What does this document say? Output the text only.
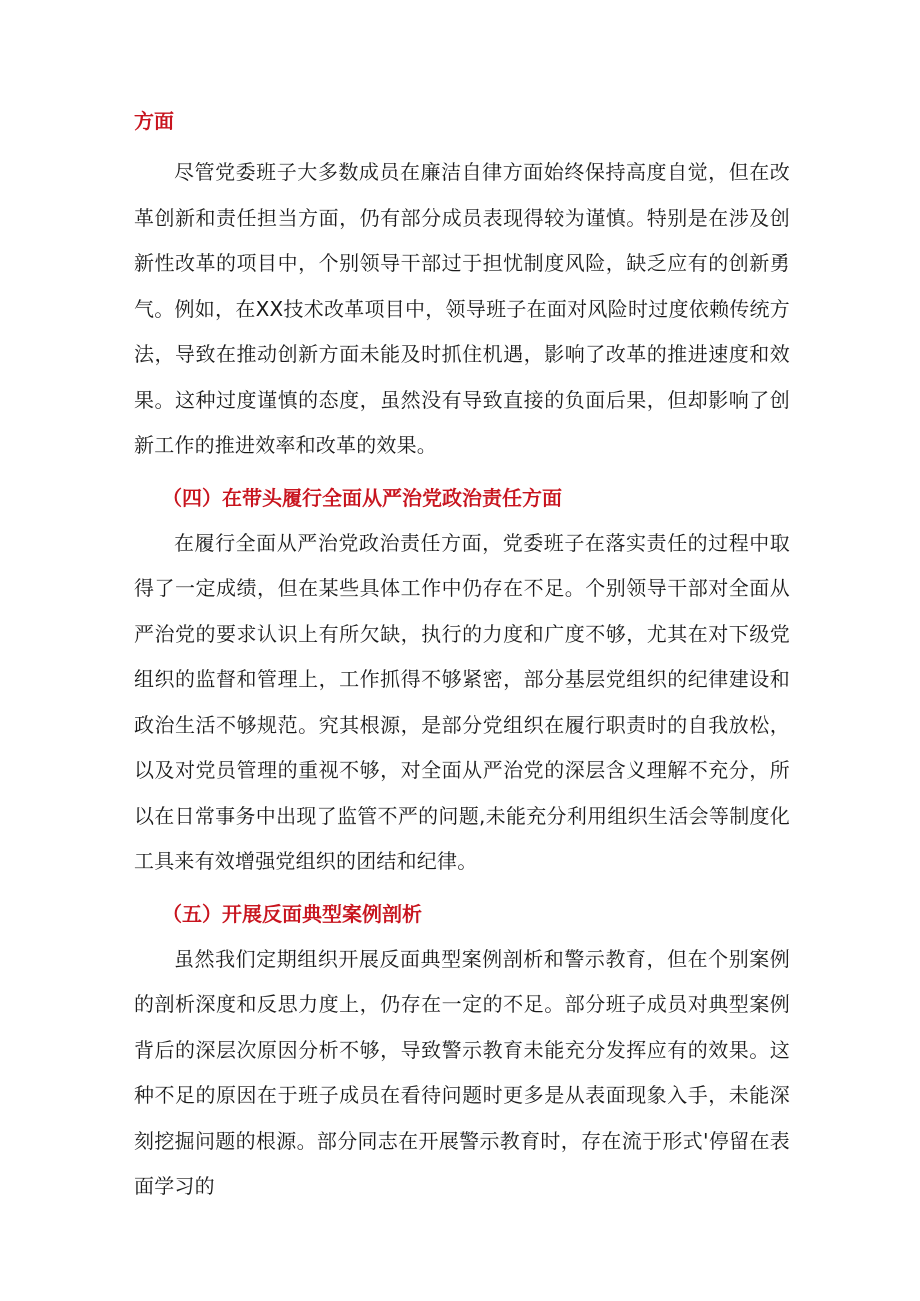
方面

尽管党委班子大多数成员在廉洁自律方面始终保持高度自觉，但在改革创新和责任担当方面，仍有部分成员表现得较为谨慎。特别是在涉及创新性改革的项目中，个别领导干部过于担忧制度风险，缺乏应有的创新勇气。例如，在XX技术改革项目中，领导班子在面对风险时过度依赖传统方法，导致在推动创新方面未能及时抓住机遇，影响了改革的推进速度和效果。这种过度谨慎的态度，虽然没有导致直接的负面后果，但却影响了创新工作的推进效率和改革的效果。

（四）在带头履行全面从严治党政治责任方面

在履行全面从严治党政治责任方面，党委班子在落实责任的过程中取得了一定成绩，但在某些具体工作中仍存在不足。个别领导干部对全面从严治党的要求认识上有所欠缺，执行的力度和广度不够，尤其在对下级党组织的监督和管理上，工作抓得不够紧密，部分基层党组织的纪律建设和政治生活不够规范。究其根源，是部分党组织在履行职责时的自我放松，以及对党员管理的重视不够，对全面从严治党的深层含义理解不充分，所以在日常事务中出现了监管不严的问题,未能充分利用组织生活会等制度化工具来有效增强党组织的团结和纪律。

（五）开展反面典型案例剖析

虽然我们定期组织开展反面典型案例剖析和警示教育，但在个别案例的剖析深度和反思力度上，仍存在一定的不足。部分班子成员对典型案例背后的深层次原因分析不够，导致警示教育未能充分发挥应有的效果。这种不足的原因在于班子成员在看待问题时更多是从表面现象入手，未能深刻挖掘问题的根源。部分同志在开展警示教育时，存在流于形式'停留在表面学习的
